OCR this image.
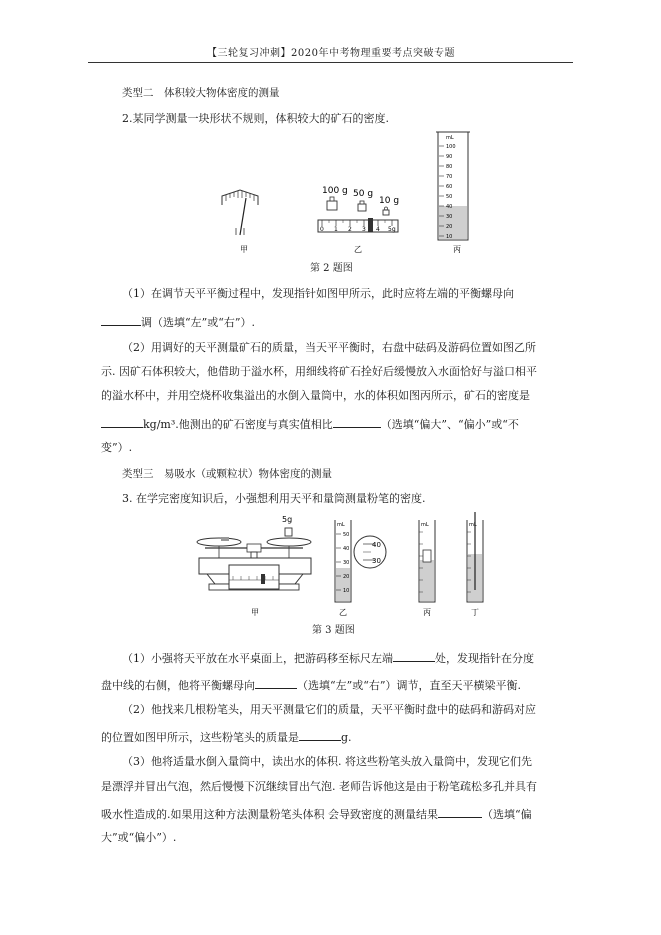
【三轮复习冲刺】2020年中考物理重要考点突破专题
类型二　体积较大物体密度的测量
2.某同学测量一块形状不规则，体积较大的矿石的密度.
100 g 50 g
10 g
0 1 2 3 4 5g
mL
100
90
80
70
60
50
40
30
20
10
甲	乙	丙
第 2 题图
（1）在调节天平平衡过程中，发现指针如图甲所示，此时应将左端的平衡螺母向
调（选填“左”或“右”）.
（2）用调好的天平测量矿石的质量，当天平平衡时，右盘中砝码及游码位置如图乙所
示. 因矿石体积较大，他借助于溢水杯，用细线将矿石拴好后缓慢放入水面恰好与溢口相平
的溢水杯中，并用空烧杯收集溢出的水倒入量筒中，水的体积如图丙所示，矿石的密度是
kg/m³.他测出的矿石密度与真实值相比	（选填“偏大”、“偏小”或“不
变”）.
类型三　易吸水（或颗粒状）物体密度的测量
3. 在学完密度知识后，小强想利用天平和量筒测量粉笔的密度.
5g
mL
50
40
30
20
10
40
30
mL	mL
甲	乙	丙	丁
第 3 题图
（1）小强将天平放在水平桌面上，把游码移至标尺左端	处，发现指针在分度
盘中线的右侧，他将平衡螺母向	（选填“左”或“右”）调节，直至天平横梁平衡.
（2）他找来几根粉笔头，用天平测量它们的质量，天平平衡时盘中的砝码和游码对应
的位置如图甲所示，这些粉笔头的质量是	g.
（3）他将适量水倒入量筒中，读出水的体积. 将这些粉笔头放入量筒中，发现它们先
是漂浮并冒出气泡，然后慢慢下沉继续冒出气泡. 老师告诉他这是由于粉笔疏松多孔并具有
吸水性造成的.如果用这种方法测量粉笔头体积 会导致密度的测量结果	（选填“偏
大”或“偏小”）.
